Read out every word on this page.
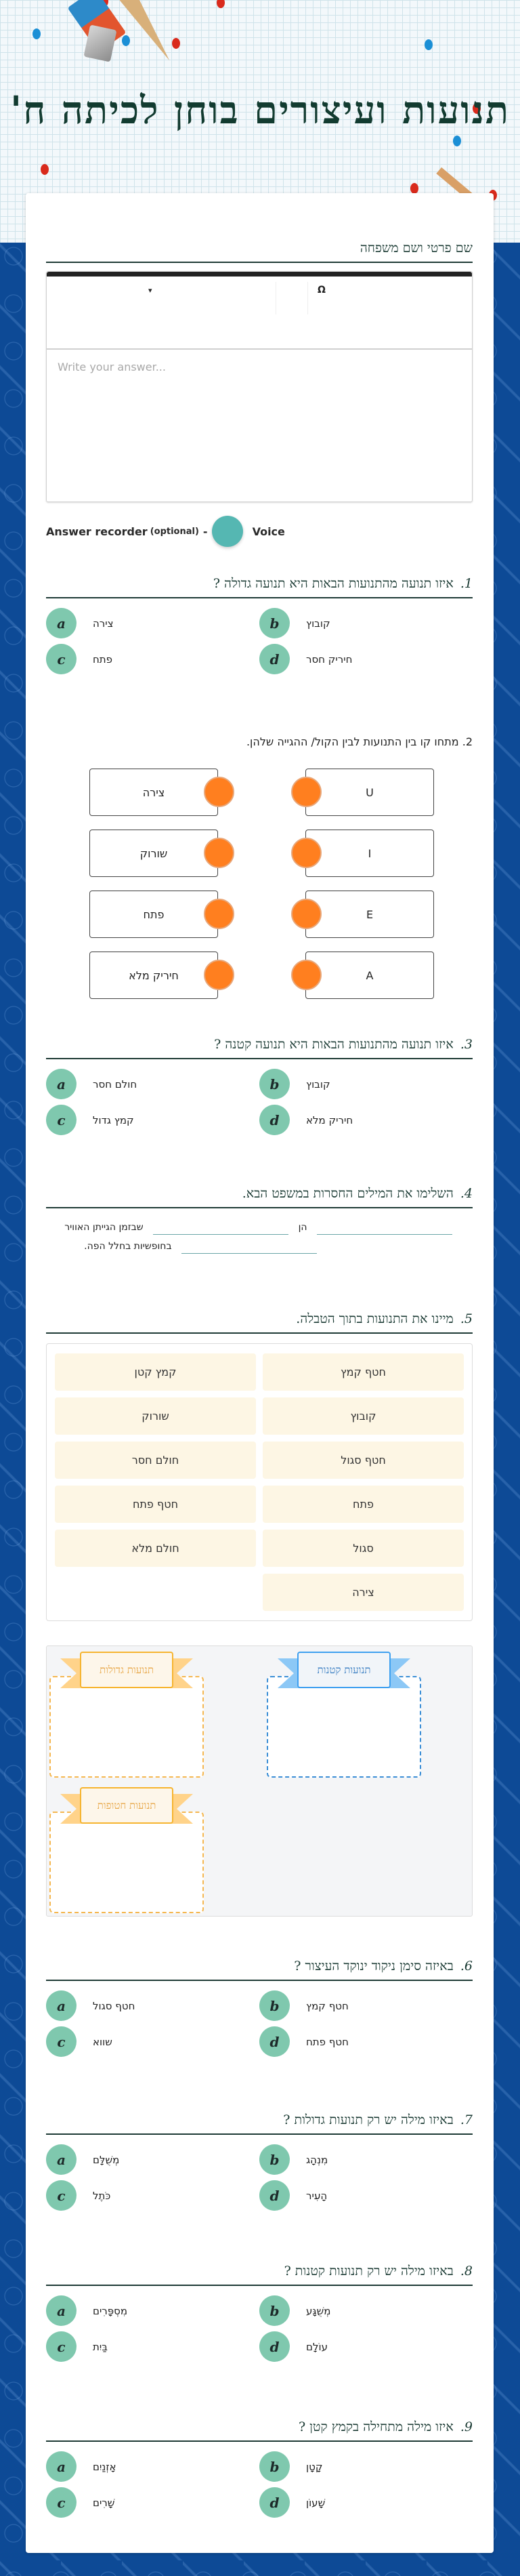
תנועות ועיצורים בוחן לכיתה ח'
שם פרטי ושם משפחה
▾	Ω
Write your answer...
Answer recorder (optional) -	Voice
1. איזו תנועה מהתנועות הבאות היא תנועה גדולה ?
a	צירה	b	קובוץ
c	פתח	d	חיריק חסר
2. מתחו קו בין התנועות לבין הקול/ ההגייה שלהן.
צירה
שורוק
פתח
חיריק מלא
U
I
E
A
3. איזו תנועה מהתנועות הבאות היא תנועה קטנה ?
a	חולם חסר	b	קובוץ
c	קמץ גדול	d	חיריק מלא
4. השלימו את המילים החסרות במשפט הבא.
הן  שבזמן הגייתן האוויר
בחופשיות בחלל הפה.
5. מיינו את התנועות בתוך הטבלה.
חטף קמץ
קמץ קטן
קובוץ
שורוק
חטף סגול
חולם חסר
פתח
חטף פתח
סגול
חולם מלא
צירה
תנועות קטנות
תנועות גדולות
תנועות חטופות
6. באיזה סימן ניקוד ינוקד העיצור ?
a	חטף סגול	b	חטף קמץ
c	שווא	d	חטף פתח
7. באיזו מילה יש רק תנועות גדולות ?
a	מְשֻׁלָּם	b	מִנְהָג
c	כֹּתֶל	d	הָעִיר
8. באיזו מילה יש רק תנועות קטנות ?
a	מִסְפָּרִים	b	מְשֻׁגָּע
c	בַּיִת	d	עוֹלָם
9. איזו מילה מתחילה בקמץ קטן ?
a	אָזְנַיִם	b	קָטָן
c	שָׁרִים	d	שָׁעוֹן
